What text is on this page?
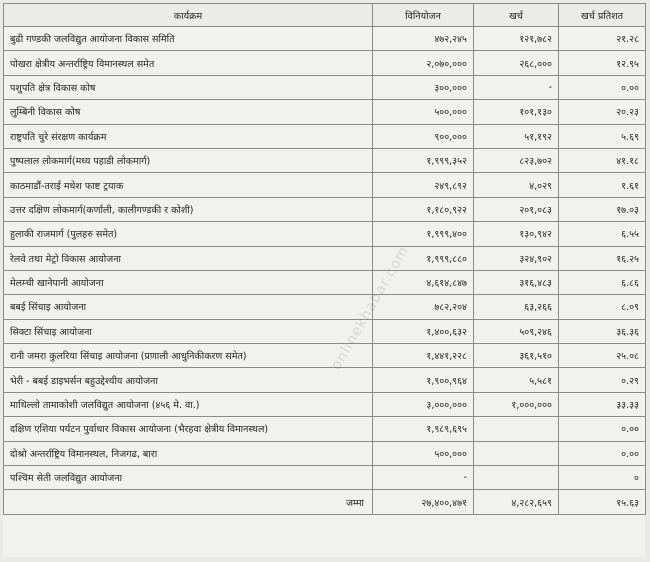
कार्यक्रम	विनियोजन	खर्च	खर्च प्रतिशत
बुढी गण्डकी जलविद्युत आयोजना विकास समिति	४७२,२४५	१२१,७८२	२१.२८
पोखरा क्षेत्रीय अन्तर्राष्ट्रिय विमानस्थल समेत	२,०७०,०००	२६८,०००	१२.९५
पशुपति क्षेत्र विकास कोष	३००,०००	-	०.००
लुम्बिनी विकास कोष	५००,०००	१०१,१३०	२०.२३
राष्ट्रपति चुरे संरक्षण कार्यक्रम	९००,०००	५१,१९२	५.६९
पुष्पलाल लोकमार्ग(मध्य पहाडी लोकमार्ग)	१,९९९,३५२	८२३,७०२	४१.१८
काठमाडौं-तराई मधेश फाष्ट ट्रयाक	२४९,८९२	४,०२९	१.६१
उत्तर दक्षिण लोकमार्ग(कर्णाली, कालीगण्डकी र कोशी)	१,१८०,९२२	२०१,०८३	१७.०३
हुलाकी राजमार्ग (पुलहरु समेत)	१,९९९,४००	१३०,९४२	६.५५
रेलवे तथा मेट्रो विकास आयोजना	१,९९९,८८०	३२४,९०२	१६.२५
मेलम्ची खानेपानी आयोजना	४,६१४,८४७	३१६,४८३	६.८६
बबई सिंचाइ आयोजना	७८२,२०४	६३,२६६	८.०९
सिक्टा सिंचाइ आयोजना	१,४००,६३२	५०९,२४६	३६.३६
रानी जमरा कुलरिया सिंचाइ आयोजना (प्रणाली आधुनिकीकरण समेत)	१,४४१,२२८	३६१,५१०	२५.०८
भेरी - बबई डाइभर्सन बहुउद्देश्यीय आयोजना	१,९००,९६४	५,५८१	०.२९
माथिल्लो तामाकोशी जलविद्युत आयोजना (४५६ मे. वा.)	३,०००,०००	१,०००,०००	३३.३३
दक्षिण एशिया पर्यटन पुर्वाधार विकास आयोजना (भैरहवा क्षेत्रीय विमानस्थल)	१,९८९,६९५		०.००
दोश्रो अन्तर्राष्ट्रिय विमानस्थल, निजगढ, बारा	५००,०००		०.००
पश्चिम सेती जलविद्युत आयोजना	-		०
जम्मा	२७,४००,४७१	४,२८२,६५९	१५.६३
onlinekhabar.com
